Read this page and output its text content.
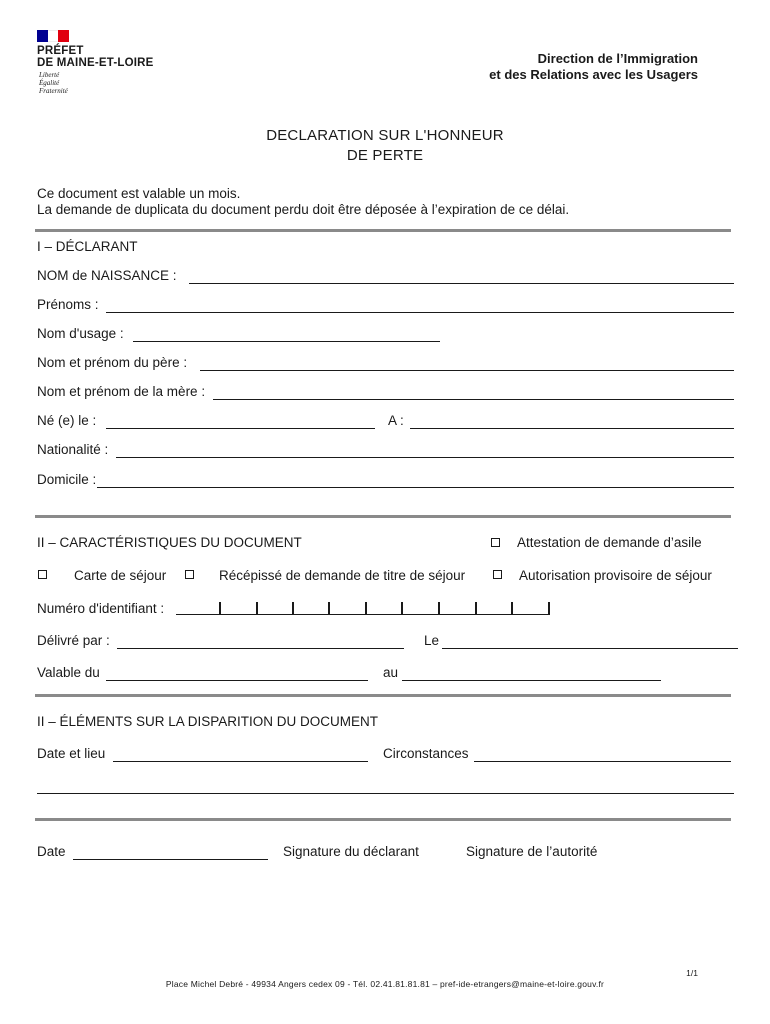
PRÉFET
DE MAINE-ET-LOIRE
Liberté
Égalité
Fraternité
Direction de l’Immigration
et des Relations avec les Usagers
DECLARATION SUR L'HONNEUR
DE PERTE
Ce document est valable un mois.
La demande de duplicata du document perdu doit être déposée à l’expiration de ce délai.
I – DÉCLARANT
NOM de NAISSANCE :
Prénoms :
Nom d'usage :
Nom et prénom du père :
Nom et prénom de la mère :
Né (e) le :	A :
Nationalité :
Domicile :
II – CARACTÉRISTIQUES DU DOCUMENT	Attestation de demande d’asile
Carte de séjour	Récépissé de demande de titre de séjour	Autorisation provisoire de séjour
Numéro d'identifiant :
Délivré par :	Le
Valable du	au
II – ÉLÉMENTS SUR LA DISPARITION DU DOCUMENT
Date et lieu	Circonstances
Date	Signature du déclarant	Signature de l’autorité
1/1
Place Michel Debré - 49934 Angers cedex 09 - Tél. 02.41.81.81.81 – pref-ide-etrangers@maine-et-loire.gouv.fr
